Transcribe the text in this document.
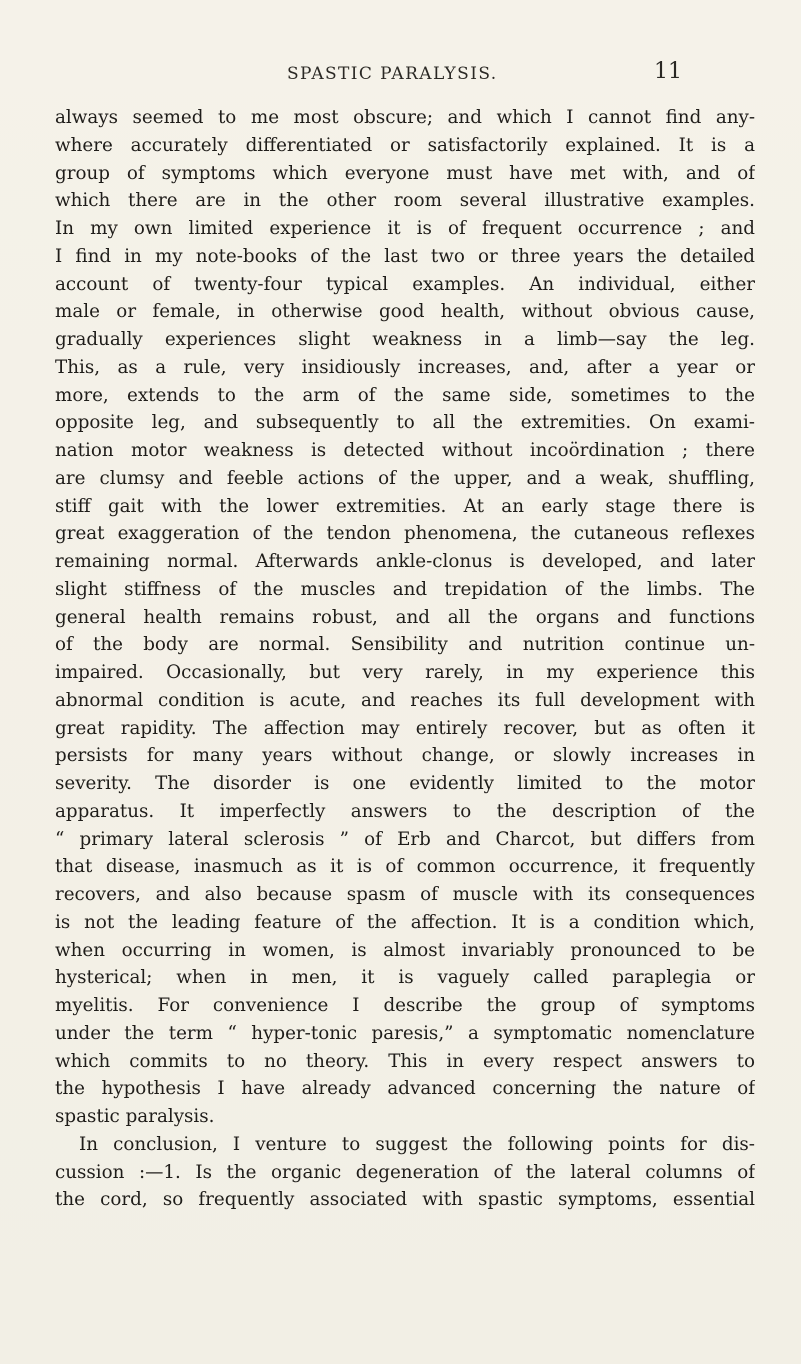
SPASTIC PARALYSIS.	11
always seemed to me most obscure; and which I cannot find any-
where accurately differentiated or satisfactorily explained. It is a
group of symptoms which everyone must have met with, and of
which there are in the other room several illustrative examples.
In my own limited experience it is of frequent occurrence ; and
I find in my note-books of the last two or three years the detailed
account of twenty-four typical examples. An individual, either
male or female, in otherwise good health, without obvious cause,
gradually experiences slight weakness in a limb—say the leg.
This, as a rule, very insidiously increases, and, after a year or
more, extends to the arm of the same side, sometimes to the
opposite leg, and subsequently to all the extremities. On exami-
nation motor weakness is detected without incoördination ; there
are clumsy and feeble actions of the upper, and a weak, shuffling,
stiff gait with the lower extremities. At an early stage there is
great exaggeration of the tendon phenomena, the cutaneous reflexes
remaining normal. Afterwards ankle-clonus is developed, and later
slight stiffness of the muscles and trepidation of the limbs. The
general health remains robust, and all the organs and functions
of the body are normal. Sensibility and nutrition continue un-
impaired. Occasionally, but very rarely, in my experience this
abnormal condition is acute, and reaches its full development with
great rapidity. The affection may entirely recover, but as often it
persists for many years without change, or slowly increases in
severity. The disorder is one evidently limited to the motor
apparatus. It imperfectly answers to the description of the
“ primary lateral sclerosis ” of Erb and Charcot, but differs from
that disease, inasmuch as it is of common occurrence, it frequently
recovers, and also because spasm of muscle with its consequences
is not the leading feature of the affection. It is a condition which,
when occurring in women, is almost invariably pronounced to be
hysterical; when in men, it is vaguely called paraplegia or
myelitis. For convenience I describe the group of symptoms
under the term “ hyper-tonic paresis,” a symptomatic nomenclature
which commits to no theory. This in every respect answers to
the hypothesis I have already advanced concerning the nature of
spastic paralysis.
In conclusion, I venture to suggest the following points for dis-
cussion :—1. Is the organic degeneration of the lateral columns of
the cord, so frequently associated with spastic symptoms, essential
